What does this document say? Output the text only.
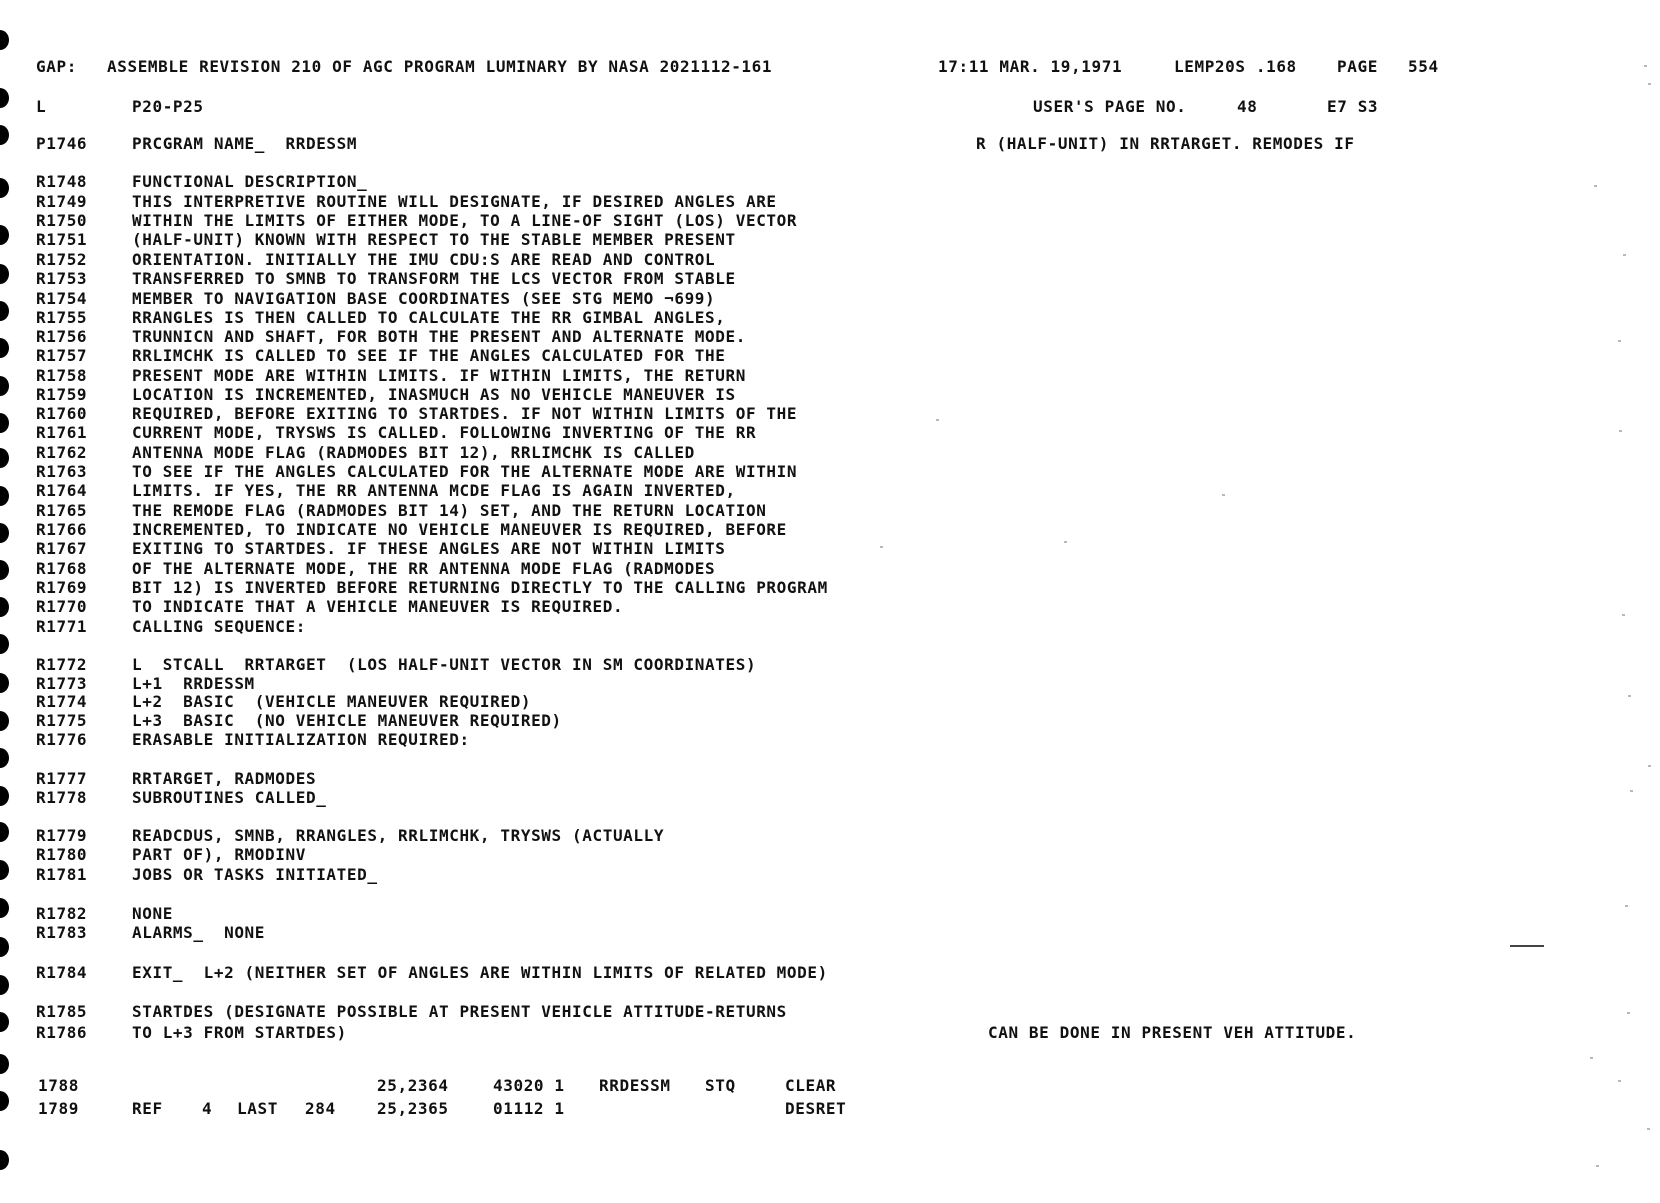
GAP: ASSEMBLE REVISION 210 OF AGC PROGRAM LUMINARY BY NASA 2021112-161	17:11 MAR. 19,1971	LEMP20S .168	PAGE 554
L	P20-P25	USER'S PAGE NO.	48	E7 S3
P1746	PRCGRAM NAME_  RRDESSM	R (HALF-UNIT) IN RRTARGET. REMODES IF
R1748	FUNCTIONAL DESCRIPTION_
R1749	THIS INTERPRETIVE ROUTINE WILL DESIGNATE, IF DESIRED ANGLES ARE
R1750	WITHIN THE LIMITS OF EITHER MODE, TO A LINE-OF SIGHT (LOS) VECTOR
R1751	(HALF-UNIT) KNOWN WITH RESPECT TO THE STABLE MEMBER PRESENT
R1752	ORIENTATION. INITIALLY THE IMU CDU:S ARE READ AND CONTROL
R1753	TRANSFERRED TO SMNB TO TRANSFORM THE LCS VECTOR FROM STABLE
R1754	MEMBER TO NAVIGATION BASE COORDINATES (SEE STG MEMO ¬699)
R1755	RRANGLES IS THEN CALLED TO CALCULATE THE RR GIMBAL ANGLES,
R1756	TRUNNICN AND SHAFT, FOR BOTH THE PRESENT AND ALTERNATE MODE.
R1757	RRLIMCHK IS CALLED TO SEE IF THE ANGLES CALCULATED FOR THE
R1758	PRESENT MODE ARE WITHIN LIMITS. IF WITHIN LIMITS, THE RETURN
R1759	LOCATION IS INCREMENTED, INASMUCH AS NO VEHICLE MANEUVER IS
R1760	REQUIRED, BEFORE EXITING TO STARTDES. IF NOT WITHIN LIMITS OF THE
R1761	CURRENT MODE, TRYSWS IS CALLED. FOLLOWING INVERTING OF THE RR
R1762	ANTENNA MODE FLAG (RADMODES BIT 12), RRLIMCHK IS CALLED
R1763	TO SEE IF THE ANGLES CALCULATED FOR THE ALTERNATE MODE ARE WITHIN
R1764	LIMITS. IF YES, THE RR ANTENNA MCDE FLAG IS AGAIN INVERTED,
R1765	THE REMODE FLAG (RADMODES BIT 14) SET, AND THE RETURN LOCATION
R1766	INCREMENTED, TO INDICATE NO VEHICLE MANEUVER IS REQUIRED, BEFORE
R1767	EXITING TO STARTDES. IF THESE ANGLES ARE NOT WITHIN LIMITS
R1768	OF THE ALTERNATE MODE, THE RR ANTENNA MODE FLAG (RADMODES
R1769	BIT 12) IS INVERTED BEFORE RETURNING DIRECTLY TO THE CALLING PROGRAM
R1770	TO INDICATE THAT A VEHICLE MANEUVER IS REQUIRED.
R1771	CALLING SEQUENCE:
R1772	L  STCALL  RRTARGET  (LOS HALF-UNIT VECTOR IN SM COORDINATES)
R1773	L+1  RRDESSM
R1774	L+2  BASIC  (VEHICLE MANEUVER REQUIRED)
R1775	L+3  BASIC  (NO VEHICLE MANEUVER REQUIRED)
R1776	ERASABLE INITIALIZATION REQUIRED:
R1777	RRTARGET, RADMODES
R1778	SUBROUTINES CALLED_
R1779	READCDUS, SMNB, RRANGLES, RRLIMCHK, TRYSWS (ACTUALLY
R1780	PART OF), RMODINV
R1781	JOBS OR TASKS INITIATED_
R1782	NONE
R1783	ALARMS_  NONE
R1784	EXIT_  L+2 (NEITHER SET OF ANGLES ARE WITHIN LIMITS OF RELATED MODE)
R1785	STARTDES (DESIGNATE POSSIBLE AT PRESENT VEHICLE ATTITUDE-RETURNS
R1786	TO L+3 FROM STARTDES)	CAN BE DONE IN PRESENT VEH ATTITUDE.
1788	25,2364	43020 1 RRDESSM STQ	CLEAR
1789	REF 4 LAST 284	25,2365	01112 1	DESRET
